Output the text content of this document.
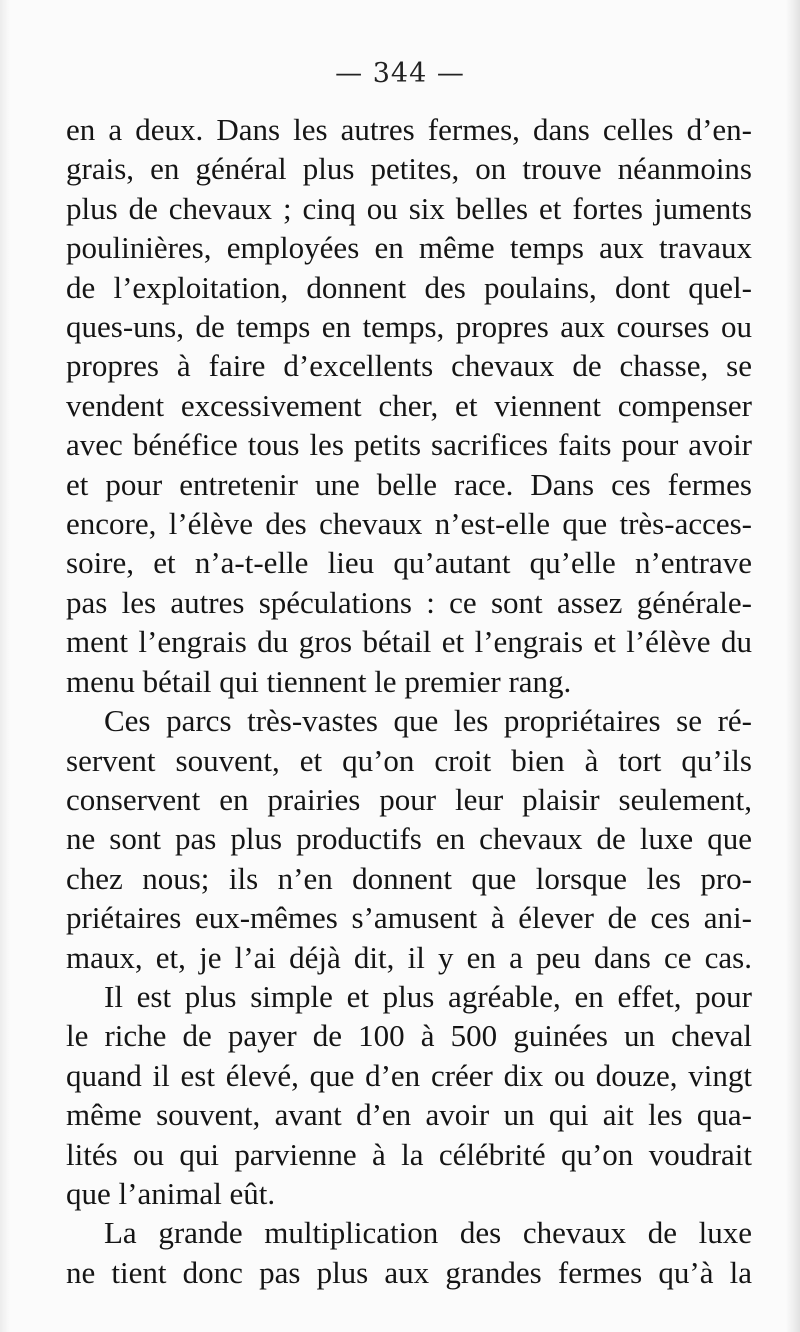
— 344 —
en a deux. Dans les autres fermes, dans celles d’en-
grais, en général plus petites, on trouve néanmoins
plus de chevaux ; cinq ou six belles et fortes juments
poulinières, employées en même temps aux travaux
de l’exploitation, donnent des poulains, dont quel-
ques-uns, de temps en temps, propres aux courses ou
propres à faire d’excellents chevaux de chasse, se
vendent excessivement cher, et viennent compenser
avec bénéfice tous les petits sacrifices faits pour avoir
et pour entretenir une belle race. Dans ces fermes
encore, l’élève des chevaux n’est-elle que très-acces-
soire, et n’a-t-elle lieu qu’autant qu’elle n’entrave
pas les autres spéculations : ce sont assez générale-
ment l’engrais du gros bétail et l’engrais et l’élève du
menu bétail qui tiennent le premier rang.
Ces parcs très-vastes que les propriétaires se ré-
servent souvent, et qu’on croit bien à tort qu’ils
conservent en prairies pour leur plaisir seulement,
ne sont pas plus productifs en chevaux de luxe que
chez nous; ils n’en donnent que lorsque les pro-
priétaires eux-mêmes s’amusent à élever de ces ani-
maux, et, je l’ai déjà dit, il y en a peu dans ce cas.
Il est plus simple et plus agréable, en effet, pour
le riche de payer de 100 à 500 guinées un cheval
quand il est élevé, que d’en créer dix ou douze, vingt
même souvent, avant d’en avoir un qui ait les qua-
lités ou qui parvienne à la célébrité qu’on voudrait
que l’animal eût.
La grande multiplication des chevaux de luxe
ne tient donc pas plus aux grandes fermes qu’à la
